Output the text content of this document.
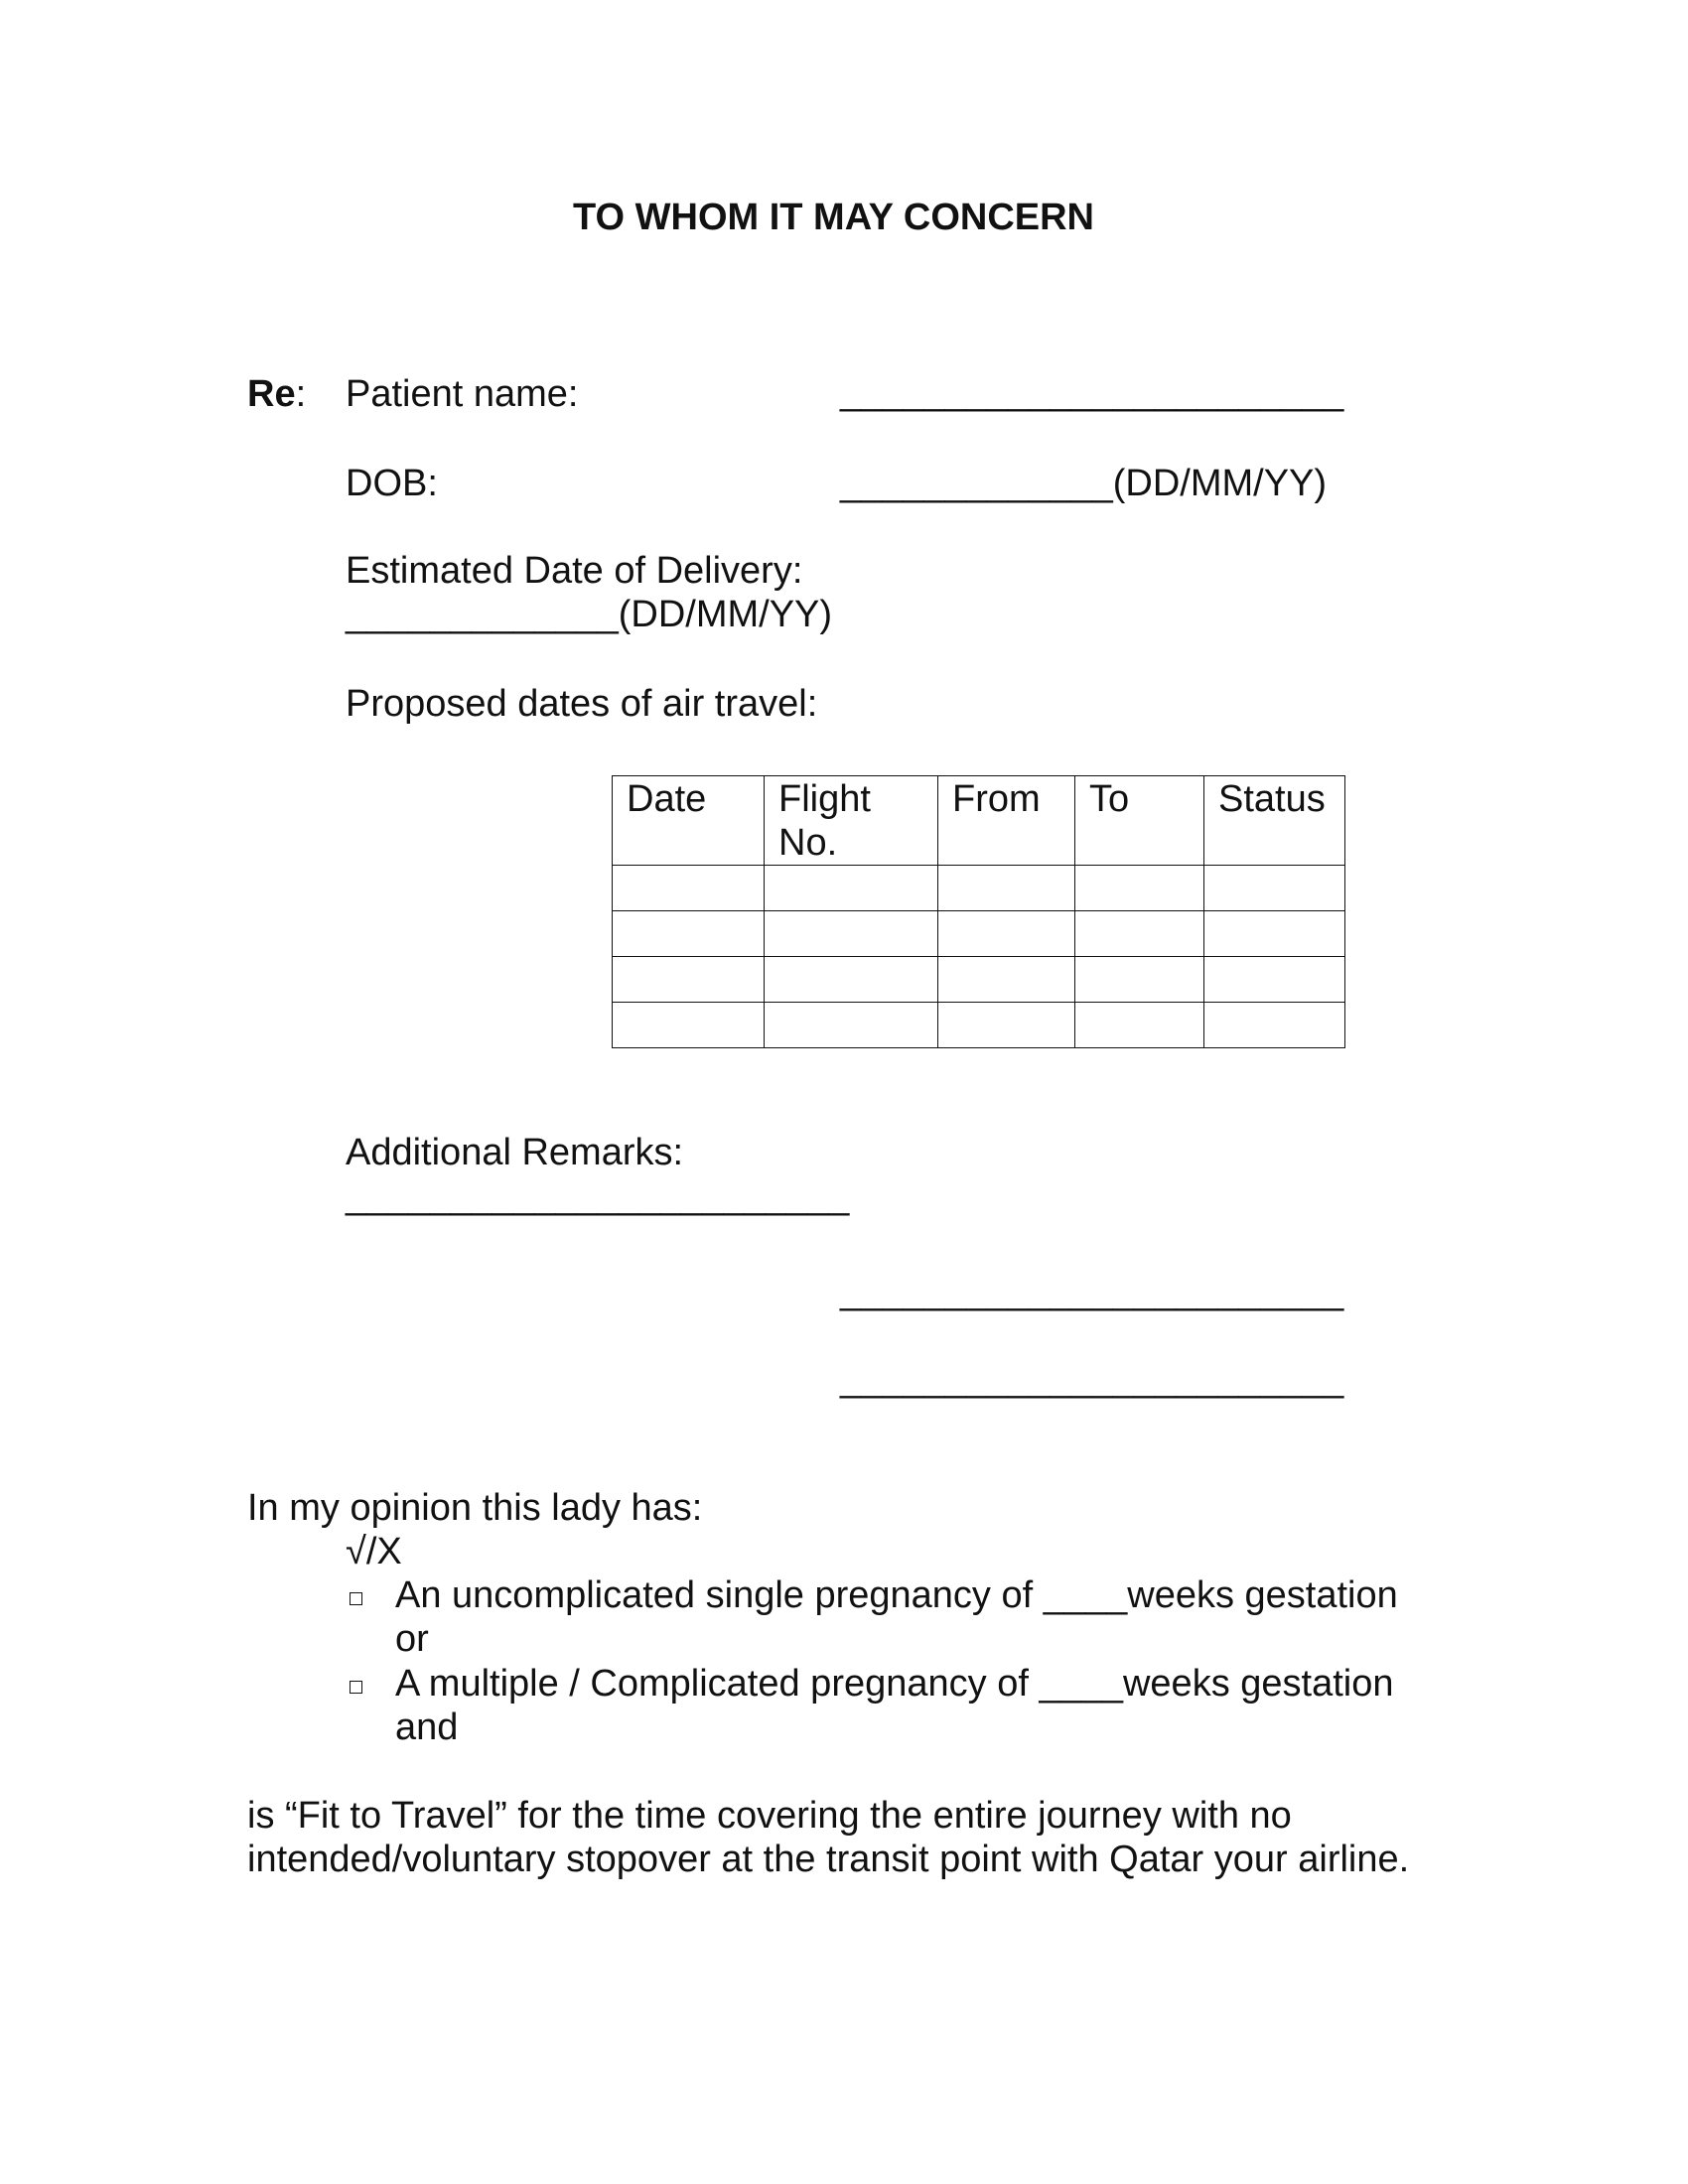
TO WHOM IT MAY CONCERN
Re: Patient name:	________________________
DOB:	_____________(DD/MM/YY)
Estimated Date of Delivery:
_____________(DD/MM/YY)
Proposed dates of air travel:
Date	Flight No.	From	To	Status

Additional Remarks:
________________________
________________________
________________________
In my opinion this lady has:
√/X
An uncomplicated single pregnancy of ____weeks gestation
or
A multiple / Complicated pregnancy of ____weeks gestation
and
is “Fit to Travel” for the time covering the entire journey with no
intended/voluntary stopover at the transit point with Qatar your airline.
